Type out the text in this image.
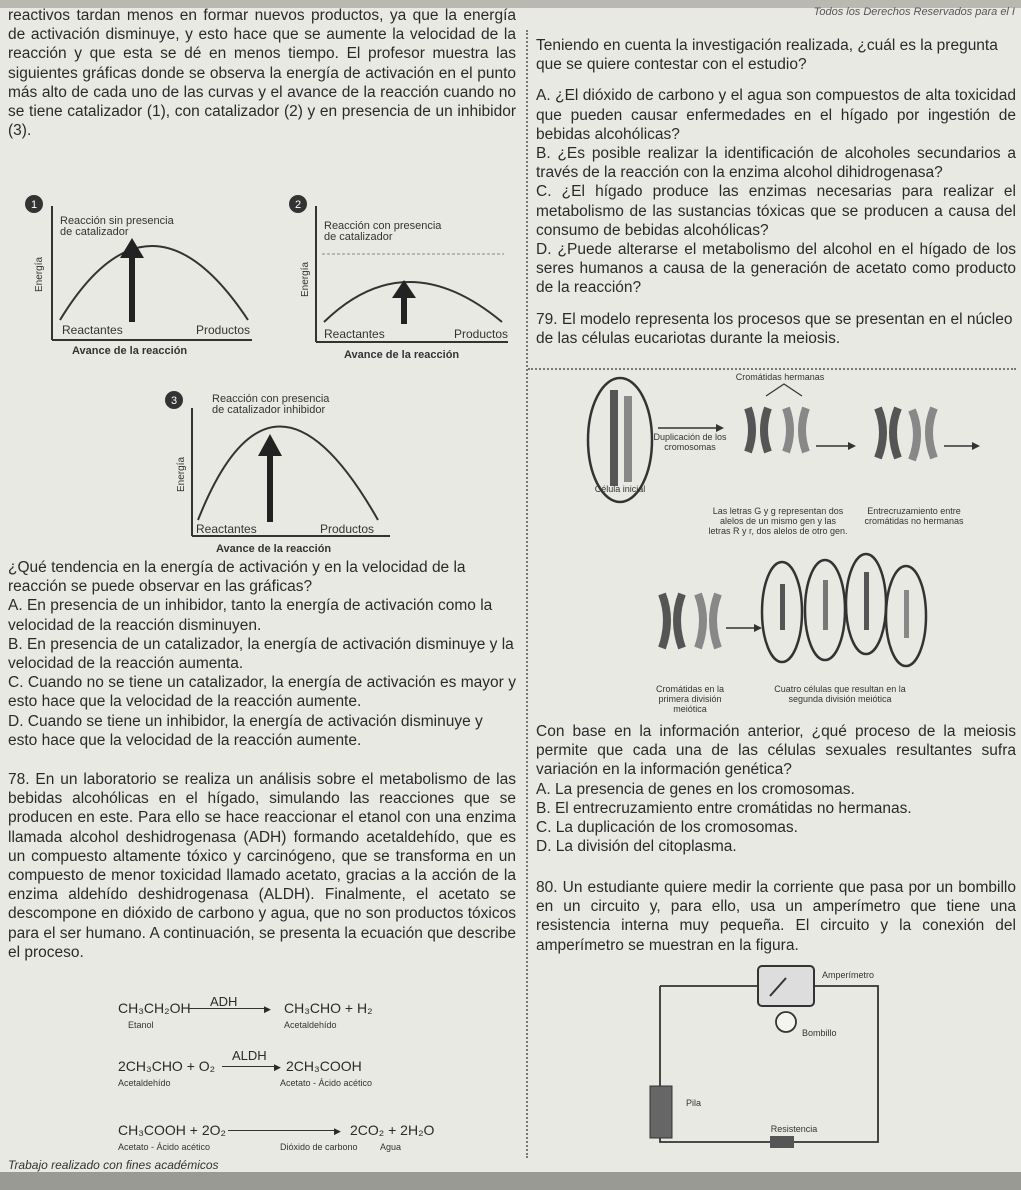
Todos los Derechos Reservados para el I

reactivos tardan menos en formar nuevos productos, ya que la energía de activación disminuye, y esto hace que se aumente la velocidad de la reacción y que esta se dé en menos tiempo. El profesor muestra las siguientes gráficas donde se observa la energía de activación en el punto más alto de cada uno de las curvas y el avance de la reacción cuando no se tiene catalizador (1), con catalizador (2) y en presencia de un inhibidor (3).

1
Reacción sin presencia
de catalizador
Energía
Reactantes	Productos
Avance de la reacción
2
Reacción con presencia
de catalizador
Energía
Reactantes	Productos
Avance de la reacción
3	Reacción con presencia
de catalizador inhibidor
Energía
Reactantes	Productos
Avance de la reacción

¿Qué tendencia en la energía de activación y en la velocidad de la reacción se puede observar en las gráficas?

A. En presencia de un inhibidor, tanto la energía de activación como la velocidad de la reacción disminuyen.

B. En presencia de un catalizador, la energía de activación disminuye y la velocidad de la reacción aumenta.

C. Cuando no se tiene un catalizador, la energía de activación es mayor y esto hace que la velocidad de la reacción aumente.

D. Cuando se tiene un inhibidor, la energía de activación disminuye y esto hace que la velocidad de la reacción aumente.

78. En un laboratorio se realiza un análisis sobre el metabolismo de las bebidas alcohólicas en el hígado, simulando las reacciones que se producen en este. Para ello se hace reaccionar el etanol con una enzima llamada alcohol deshidrogenasa (ADH) formando acetaldehído, que es un compuesto altamente tóxico y carcinógeno, que se transforma en un compuesto de menor toxicidad llamado acetato, gracias a la acción de la enzima aldehído deshidrogenasa (ALDH). Finalmente, el acetato se descompone en dióxido de carbono y agua, que no son productos tóxicos para el ser humano. A continuación, se presenta la ecuación que describe el proceso.

CH₃CH₂OH ADH	▶ CH₃CHO + H₂
Etanol	Acetaldehído
2CH₃CHO + O₂
ALDH
▶ 2CH₃COOH
Acetaldehído	Acetato - Ácido acético
CH₃COOH + 2O₂	▶ 2CO₂ + 2H₂O
Acetato - Ácido acético	Dióxido de carbono Agua

Teniendo en cuenta la investigación realizada, ¿cuál es la pregunta que se quiere contestar con el estudio?

A. ¿El dióxido de carbono y el agua son compuestos de alta toxicidad que pueden causar enfermedades en el hígado por ingestión de bebidas alcohólicas?

B. ¿Es posible realizar la identificación de alcoholes secundarios a través de la reacción con la enzima alcohol dihidrogenasa?

C. ¿El hígado produce las enzimas necesarias para realizar el metabolismo de las sustancias tóxicas que se producen a causa del consumo de bebidas alcohólicas?

D. ¿Puede alterarse el metabolismo del alcohol en el hígado de los seres humanos a causa de la generación de acetato como producto de la reacción?

79. El modelo representa los procesos que se presentan en el núcleo de las células eucariotas durante la meiosis.

Cromátidas hermanas
Duplicación de los cromosomas
Célula inicial
Las letras G y g representan dos alelos de un mismo gen y las letras R y r, dos alelos de otro gen.
Entrecruzamiento entre cromátidas no hermanas
Cromátidas en la primera división meiótica
Cuatro células que resultan en la segunda división meiótica

Con base en la información anterior, ¿qué proceso de la meiosis permite que cada una de las células sexuales resultantes sufra variación en la información genética?

A. La presencia de genes en los cromosomas.

B. El entrecruzamiento entre cromátidas no hermanas.

C. La duplicación de los cromosomas.

D. La división del citoplasma.

80. Un estudiante quiere medir la corriente que pasa por un bombillo en un circuito y, para ello, usa un amperímetro que tiene una resistencia interna muy pequeña. El circuito y la conexión del amperímetro se muestran en la figura.

Amperímetro
Bombillo
Pila
Resistencia
Trabajo realizado con fines académicos
